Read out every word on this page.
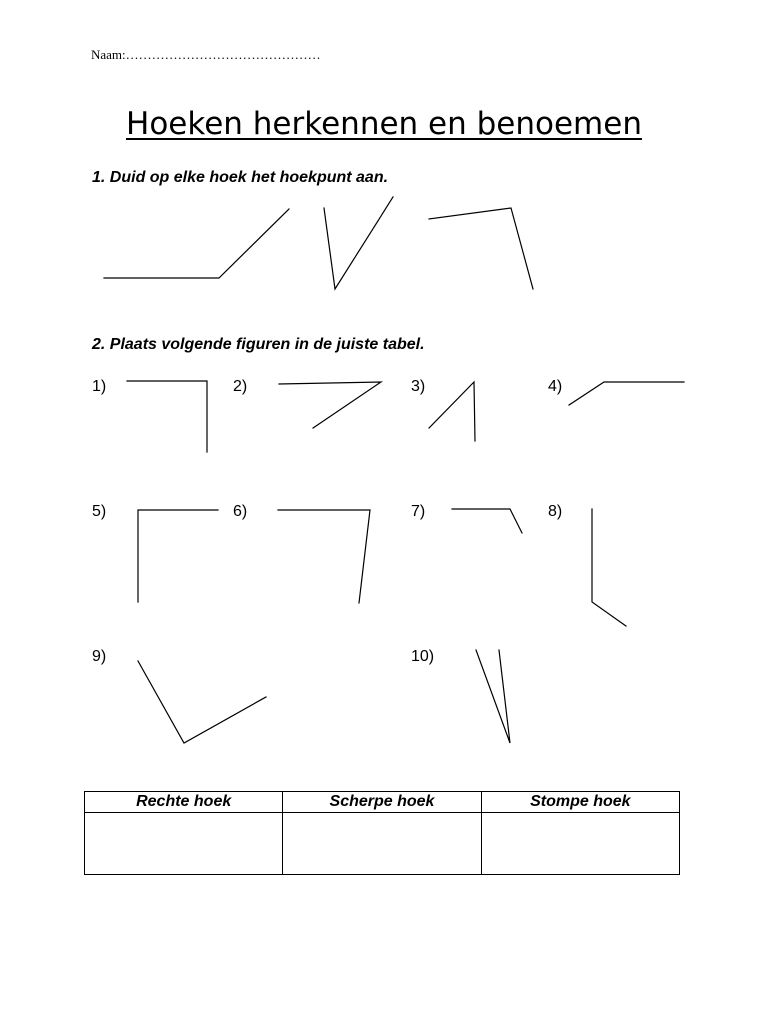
Naam:………………………………………
Hoeken herkennen en benoemen
1. Duid op elke hoek het hoekpunt aan.
2. Plaats volgende figuren in de juiste tabel.
1)	2)	3)	4)
5)	6)	7)	8)
9)	10)
Rechte hoek	Scherpe hoek	Stompe hoek
